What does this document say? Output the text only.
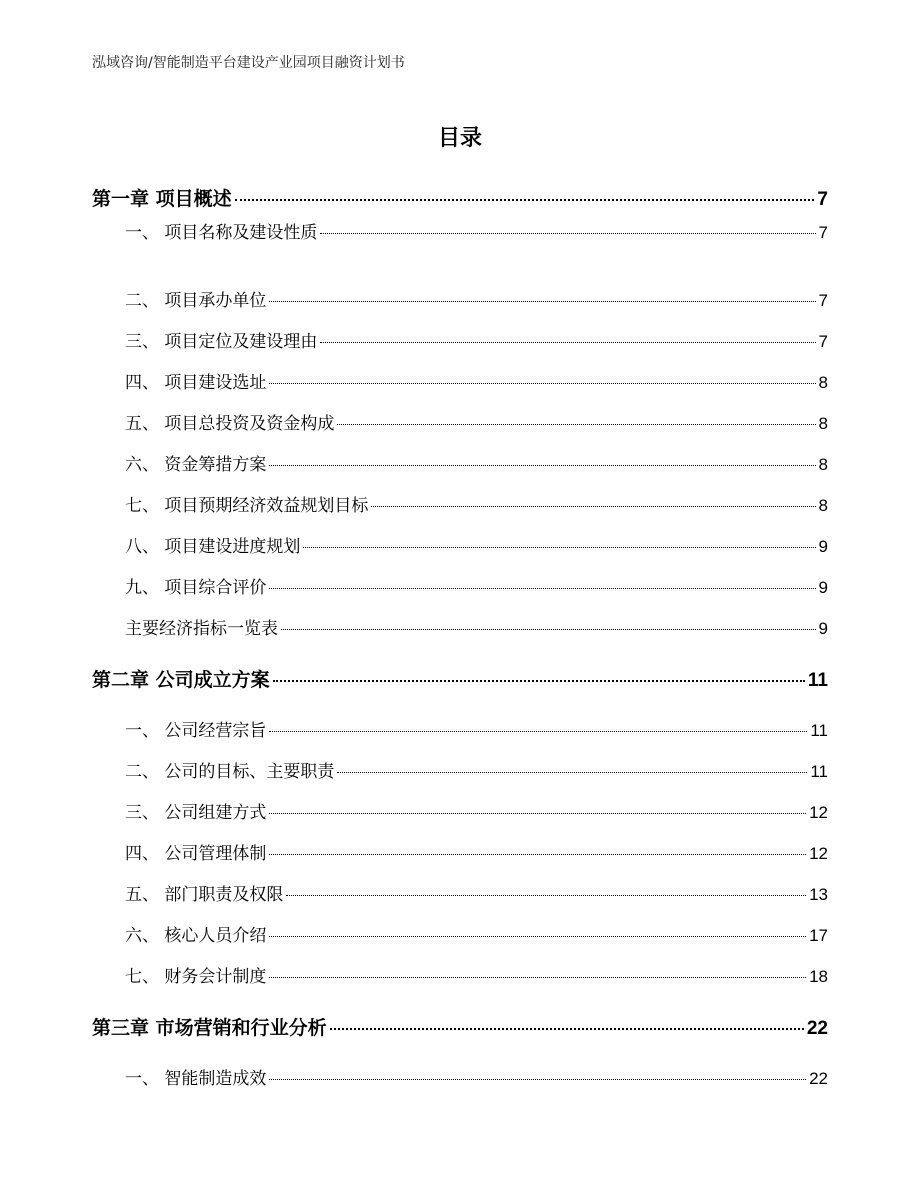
泓域咨询/智能制造平台建设产业园项目融资计划书
目录
第一章 项目概述	7
一、 项目名称及建设性质	7
二、 项目承办单位	7
三、 项目定位及建设理由	7
四、 项目建设选址	8
五、 项目总投资及资金构成	8
六、 资金筹措方案	8
七、 项目预期经济效益规划目标	8
八、 项目建设进度规划	9
九、 项目综合评价	9
主要经济指标一览表	9
第二章 公司成立方案	11
一、 公司经营宗旨	11
二、 公司的目标、主要职责	11
三、 公司组建方式	12
四、 公司管理体制	12
五、 部门职责及权限	13
六、 核心人员介绍	17
七、 财务会计制度	18
第三章 市场营销和行业分析	22
一、 智能制造成效	22
